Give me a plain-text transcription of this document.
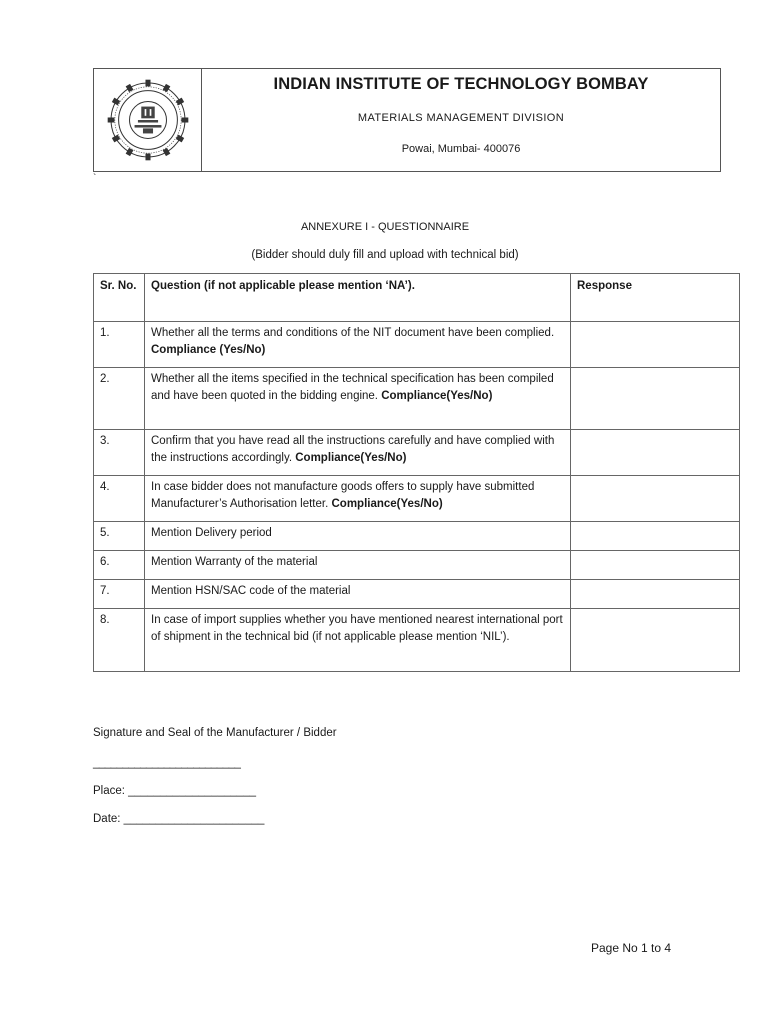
INDIAN INSTITUTE OF TECHNOLOGY BOMBAY
MATERIALS MANAGEMENT DIVISION
Powai, Mumbai- 400076
`
ANNEXURE I - QUESTIONNAIRE
(Bidder should duly fill and upload with technical bid)
Sr. No.	Question (if not applicable please mention ‘NA’).	Response
1.	Whether all the terms and conditions of the NIT document have been complied. Compliance (Yes/No)	
2.	Whether all the items specified in the technical specification has been compiled and have been quoted in the bidding engine. Compliance(Yes/No)	
3.	Confirm that you have read all the instructions carefully and have complied with the instructions accordingly. Compliance(Yes/No)	
4.	In case bidder does not manufacture goods offers to supply have submitted Manufacturer’s Authorisation letter. Compliance(Yes/No)	
5.	Mention Delivery period	
6.	Mention Warranty of the material	
7.	Mention HSN/SAC code of the material	
8.	In case of import supplies whether you have mentioned nearest international port of shipment in the technical bid (if not applicable please mention ‘NIL’).	
Signature and Seal of the Manufacturer / Bidder
_________________________
Place: ____________________
Date: ______________________
Page No 1 to 4
